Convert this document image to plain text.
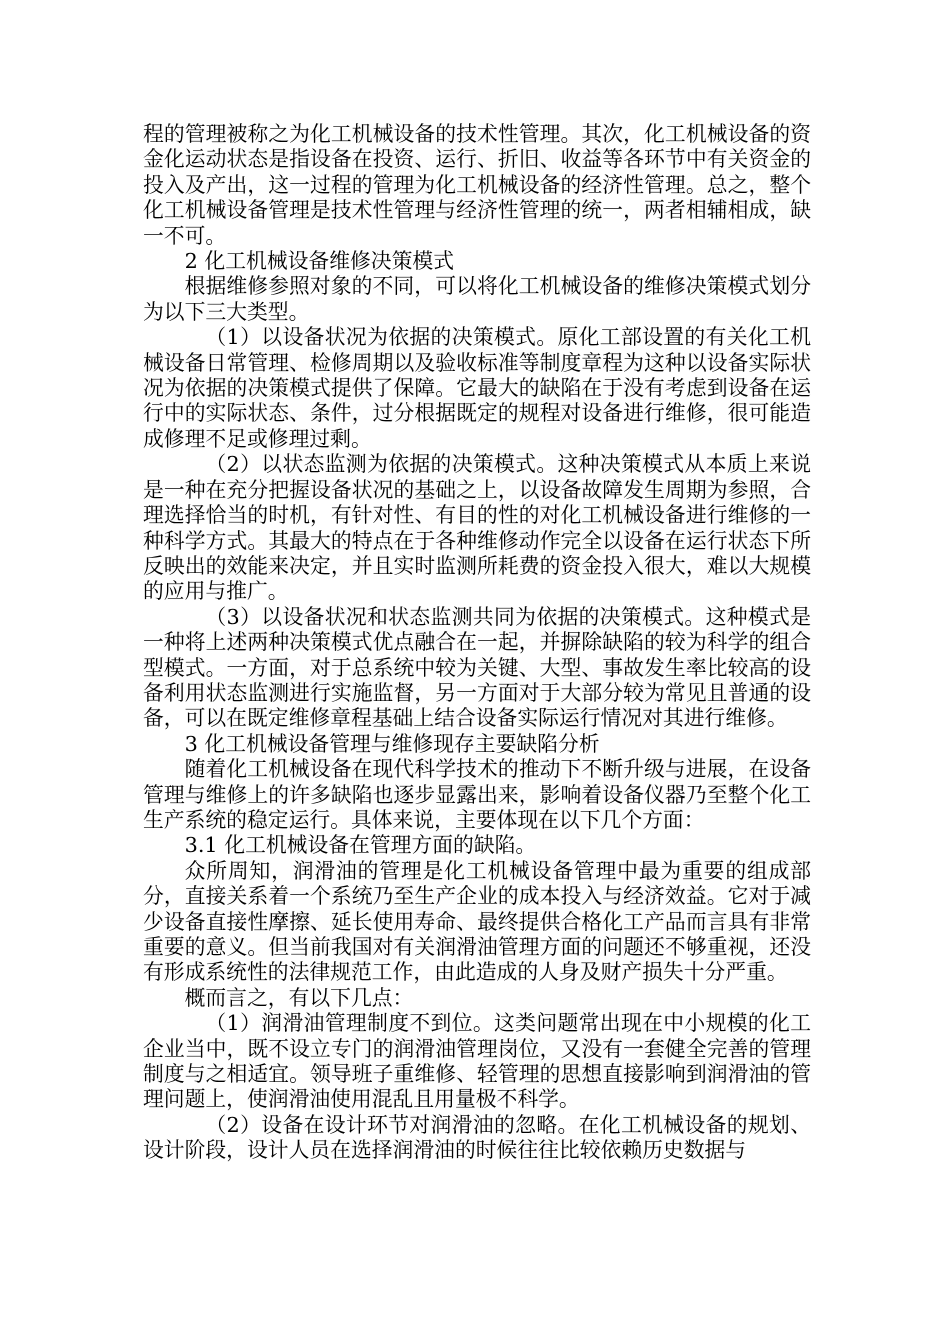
程的管理被称之为化工机械设备的技术性管理。其次，化工机械设备的资金化运动状态是指设备在投资、运行、折旧、收益等各环节中有关资金的投入及产出，这一过程的管理为化工机械设备的经济性管理。总之，整个化工机械设备管理是技术性管理与经济性管理的统一，两者相辅相成，缺一不可。

2 化工机械设备维修决策模式

根据维修参照对象的不同，可以将化工机械设备的维修决策模式划分为以下三大类型。

（1）以设备状况为依据的决策模式。原化工部设置的有关化工机械设备日常管理、检修周期以及验收标准等制度章程为这种以设备实际状况为依据的决策模式提供了保障。它最大的缺陷在于没有考虑到设备在运行中的实际状态、条件，过分根据既定的规程对设备进行维修，很可能造成修理不足或修理过剩。

（2）以状态监测为依据的决策模式。这种决策模式从本质上来说是一种在充分把握设备状况的基础之上，以设备故障发生周期为参照，合理选择恰当的时机，有针对性、有目的性的对化工机械设备进行维修的一种科学方式。其最大的特点在于各种维修动作完全以设备在运行状态下所反映出的效能来决定，并且实时监测所耗费的资金投入很大，难以大规模的应用与推广。

（3）以设备状况和状态监测共同为依据的决策模式。这种模式是一种将上述两种决策模式优点融合在一起，并摒除缺陷的较为科学的组合型模式。一方面，对于总系统中较为关键、大型、事故发生率比较高的设备利用状态监测进行实施监督，另一方面对于大部分较为常见且普通的设备，可以在既定维修章程基础上结合设备实际运行情况对其进行维修。

3 化工机械设备管理与维修现存主要缺陷分析

随着化工机械设备在现代科学技术的推动下不断升级与进展，在设备管理与维修上的许多缺陷也逐步显露出来，影响着设备仪器乃至整个化工生产系统的稳定运行。具体来说，主要体现在以下几个方面：

3.1 化工机械设备在管理方面的缺陷。

众所周知，润滑油的管理是化工机械设备管理中最为重要的组成部分，直接关系着一个系统乃至生产企业的成本投入与经济效益。它对于减少设备直接性摩擦、延长使用寿命、最终提供合格化工产品而言具有非常重要的意义。但当前我国对有关润滑油管理方面的问题还不够重视，还没有形成系统性的法律规范工作，由此造成的人身及财产损失十分严重。

概而言之，有以下几点：

（1）润滑油管理制度不到位。这类问题常出现在中小规模的化工企业当中，既不设立专门的润滑油管理岗位，又没有一套健全完善的管理制度与之相适宜。领导班子重维修、轻管理的思想直接影响到润滑油的管理问题上，使润滑油使用混乱且用量极不科学。

（2）设备在设计环节对润滑油的忽略。在化工机械设备的规划、设计阶段，设计人员在选择润滑油的时候往往比较依赖历史数据与
